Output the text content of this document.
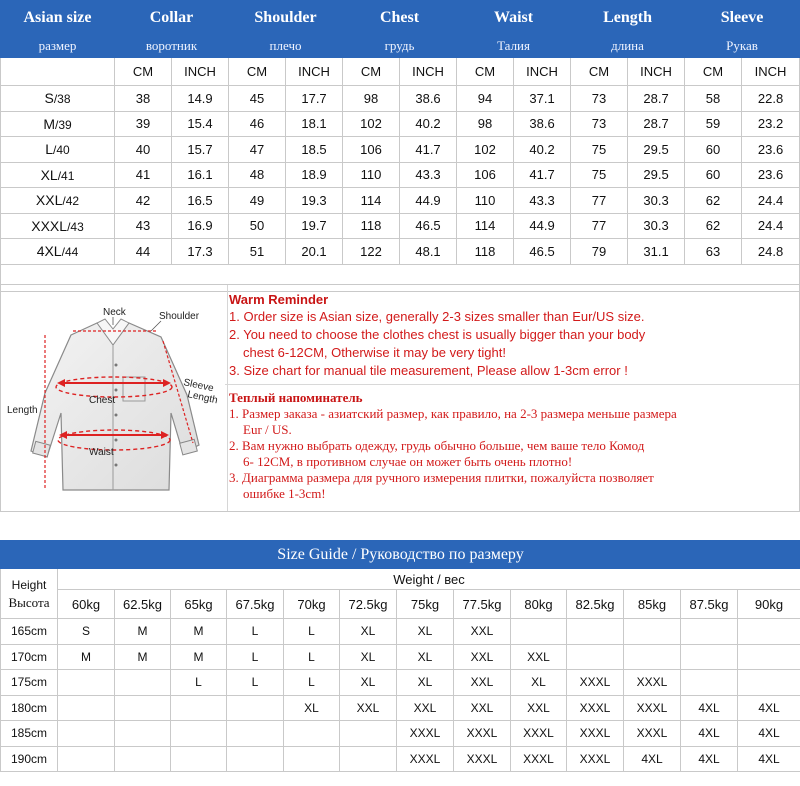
Asian size	Collar		Shoulder		Chest		Waist		Length		Sleeve	
размер	воротник		плечо		грудь		Талия		длина		Рукав	
	CM	INCH	CM	INCH	CM	INCH	CM	INCH	CM	INCH	CM	INCH
S/38	38	14.9	45	17.7	98	38.6	94	37.1	73	28.7	58	22.8
M/39	39	15.4	46	18.1	102	40.2	98	38.6	73	28.7	59	23.2
L/40	40	15.7	47	18.5	106	41.7	102	40.2	75	29.5	60	23.6
XL/41	41	16.1	48	18.9	110	43.3	106	41.7	75	29.5	60	23.6
XXL/42	42	16.5	49	19.3	114	44.9	110	43.3	77	30.3	62	24.4
XXXL/43	43	16.9	50	19.7	118	46.5	114	44.9	77	30.3	62	24.4
4XL/44	44	17.3	51	20.1	122	48.1	118	46.5	79	31.1	63	24.8

Neck	Shoulder
Chest
Sleeve
Length
Length
Waist
Warm Reminder
1. Order size is Asian size, generally 2-3 sizes smaller than Eur/US size.
2. You need to choose the clothes chest is usually bigger than your body
chest 6-12CM, Otherwise it may be very tight!
3. Size chart for manual tile measurement, Please allow 1-3cm error !
Теплый напоминатель
1. Размер заказа - азиатский размер, как правило, на 2-3 размера меньше размера
Eur / US.
2. Вам нужно выбрать одежду, грудь обычно больше, чем ваше тело Комод
6- 12CM, в противном случае он может быть очень плотно!
3. Диаграмма размера для ручного измерения плитки, пожалуйста позволяет
ошибке 1-3cm!
Size Guide / Руководство по размеру													

Height
Высота	Weight / вес												
	60kg	62.5kg	65kg	67.5kg	70kg	72.5kg	75kg	77.5kg	80kg	82.5kg	85kg	87.5kg	90kg
165cm	S	M	M	L	L	XL	XL	XXL					
170cm	M	M	M	L	L	XL	XL	XXL	XXL				
175cm			L	L	L	XL	XL	XXL	XL	XXXL	XXXL		
180cm					XL	XXL	XXL	XXL	XXL	XXXL	XXXL	4XL	4XL
185cm							XXXL	XXXL	XXXL	XXXL	XXXL	4XL	4XL
190cm							XXXL	XXXL	XXXL	XXXL	4XL	4XL	4XL
